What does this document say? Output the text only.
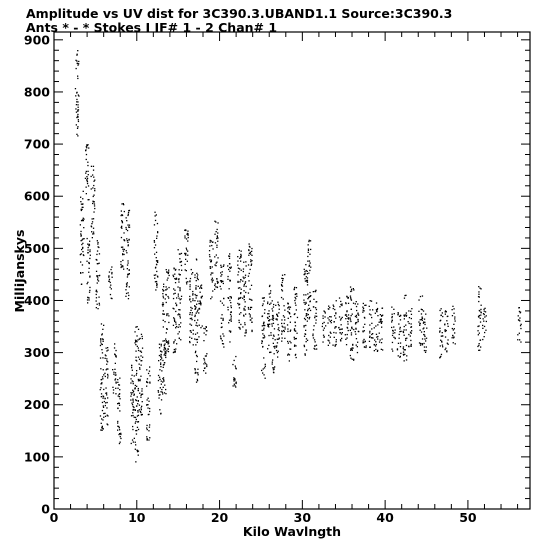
Amplitude vs UV dist for 3C390.3.UBAND1.1 Source:3C390.3
Ants * - * Stokes I IF# 1 - 2 Chan# 1
0	10	20	30	40	50
0
100
200
300
400
500
600
700
800
900
Kilo Wavlngth
MilliJanskys
